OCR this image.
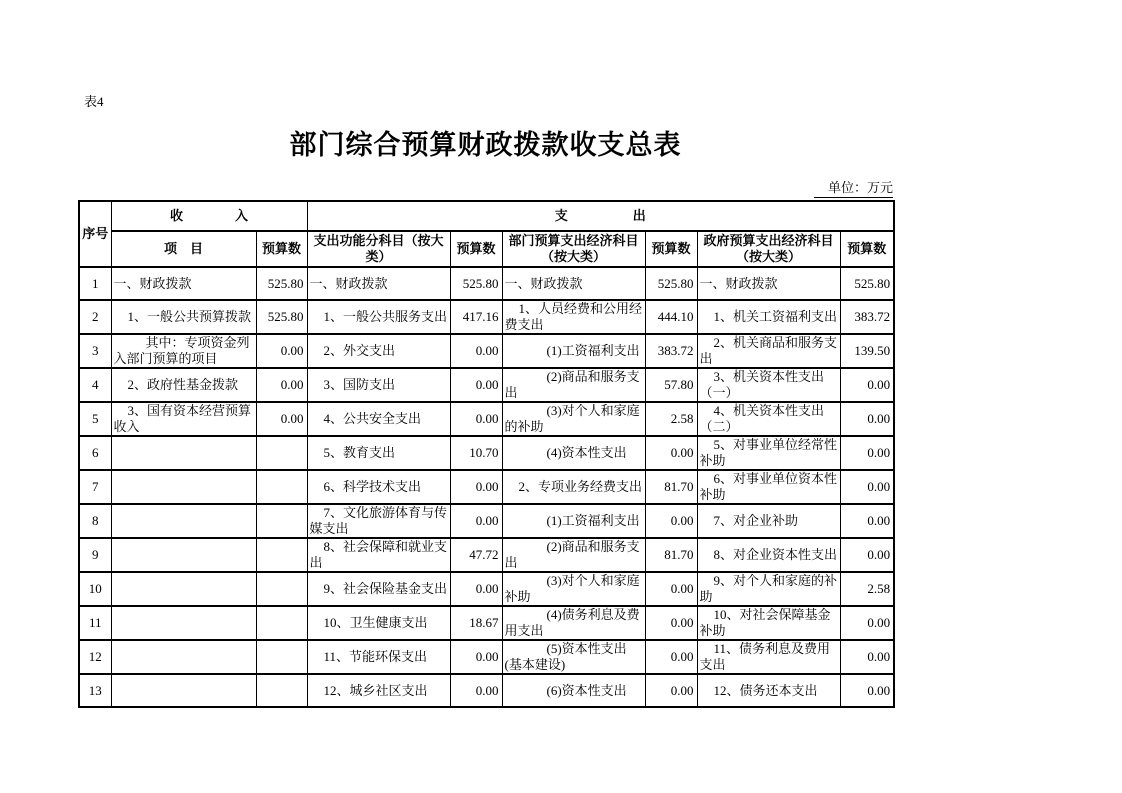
表4
部门综合预算财政拨款收支总表
单位：万元
序号	收　　　　入		支　　　　　出					
	项　目	预算数	支出功能分科目（按大类）	预算数	部门预算支出经济科目（按大类）	预算数	政府预算支出经济科目（按大类）	预算数
1	一、财政拨款	525.80	一、财政拨款	525.80	一、财政拨款	525.80	一、财政拨款	525.80
2	1、一般公共预算拨款	525.80	1、一般公共服务支出	417.16	1、人员经费和公用经费支出	444.10	1、机关工资福利支出	383.72
3	其中：专项资金列入部门预算的项目	0.00	2、外交支出	0.00	(1)工资福利支出	383.72	2、机关商品和服务支出	139.50
4	2、政府性基金拨款	0.00	3、国防支出	0.00	(2)商品和服务支出	57.80	3、机关资本性支出（一）	0.00
5	3、国有资本经营预算收入	0.00	4、公共安全支出	0.00	(3)对个人和家庭的补助	2.58	4、机关资本性支出（二）	0.00
6			5、教育支出	10.70	(4)资本性支出	0.00	5、对事业单位经常性补助	0.00
7			6、科学技术支出	0.00	2、专项业务经费支出	81.70	6、对事业单位资本性补助	0.00
8			7、文化旅游体育与传媒支出	0.00	(1)工资福利支出	0.00	7、对企业补助	0.00
9			8、社会保障和就业支出	47.72	(2)商品和服务支出	81.70	8、对企业资本性支出	0.00
10			9、社会保险基金支出	0.00	(3)对个人和家庭补助	0.00	9、对个人和家庭的补助	2.58
11			10、卫生健康支出	18.67	(4)债务利息及费用支出	0.00	10、对社会保障基金补助	0.00
12			11、节能环保支出	0.00	(5)资本性支出(基本建设)	0.00	11、债务利息及费用支出	0.00
13			12、城乡社区支出	0.00	(6)资本性支出	0.00	12、债务还本支出	0.00
